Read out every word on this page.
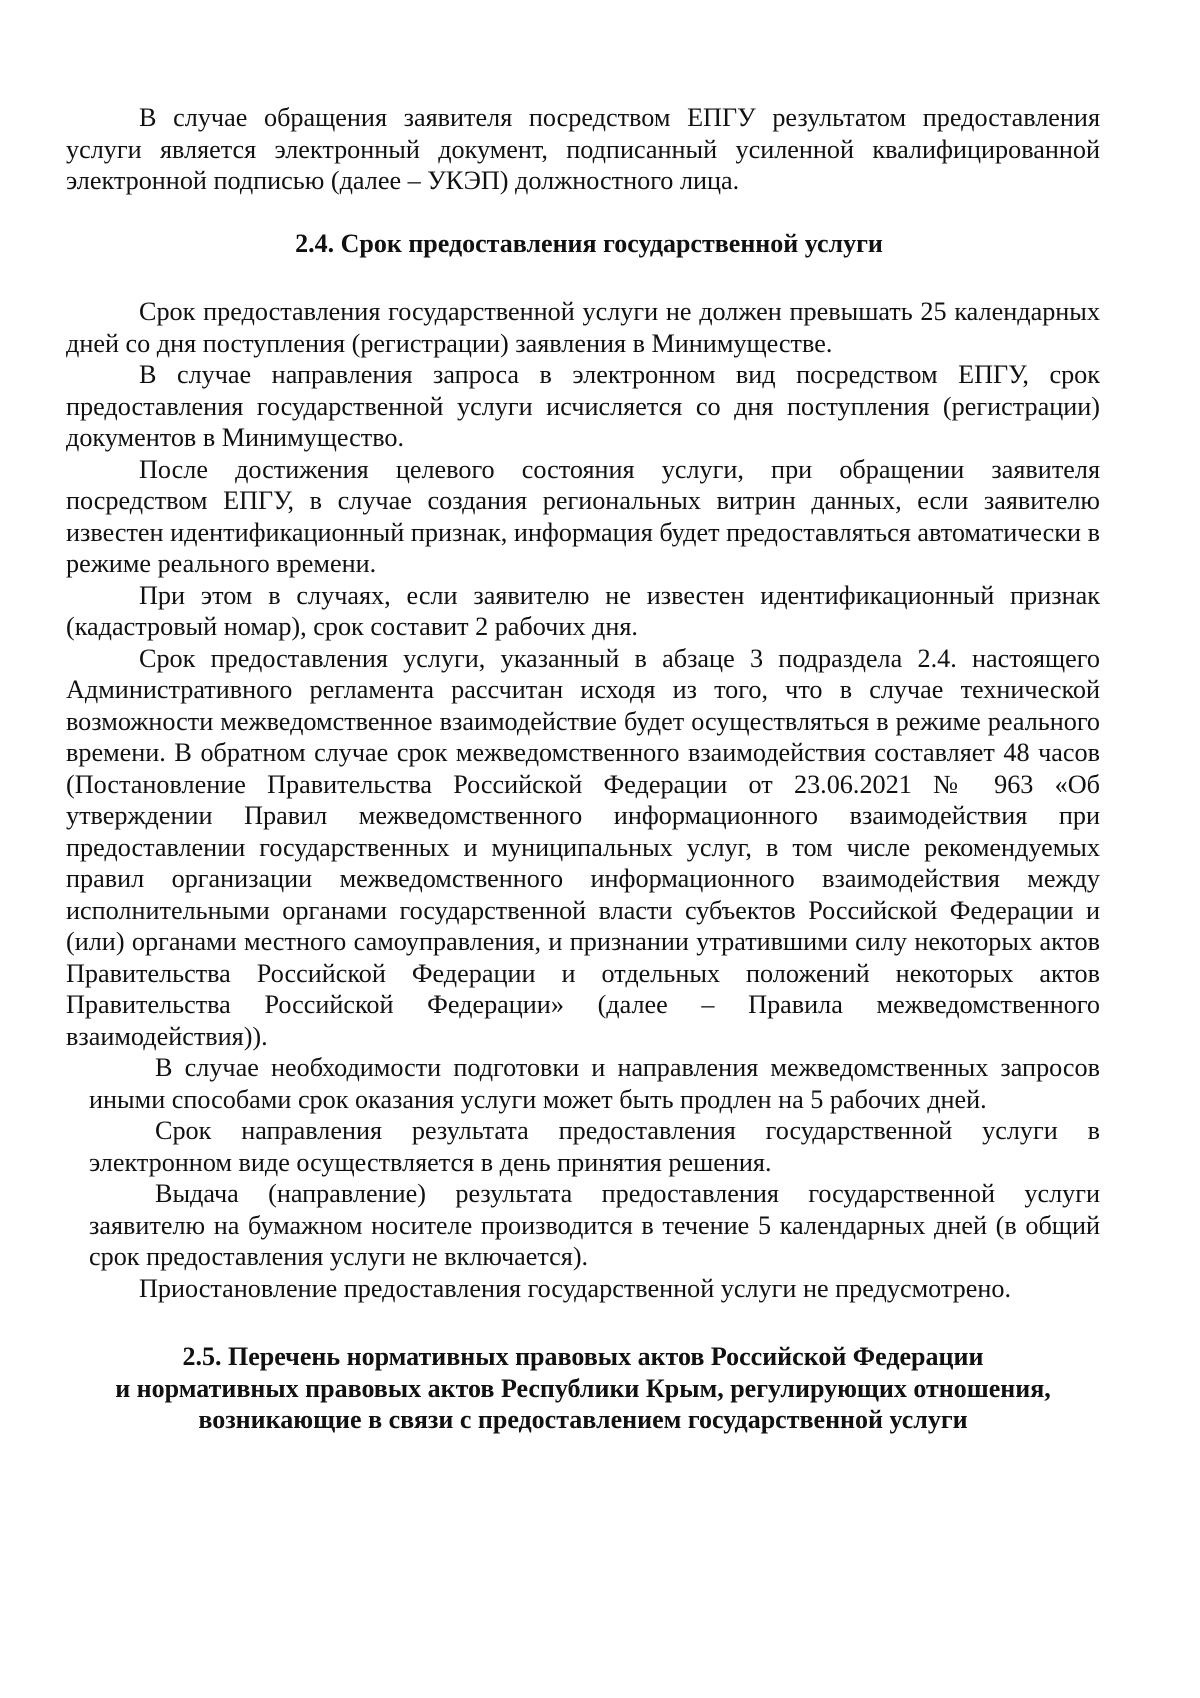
В случае обращения заявителя посредством ЕПГУ результатом предоставления услуги является электронный документ, подписанный усиленной квалифицированной электронной подписью (далее – УКЭП) должностного лица.

2.4. Срок предоставления государственной услуги

Срок предоставления государственной услуги не должен превышать 25 календарных дней со дня поступления (регистрации) заявления в Минимуществе.

В случае направления запроса в электронном вид посредством ЕПГУ, срок предоставления государственной услуги исчисляется со дня поступления (регистрации) документов в Минимущество.

После достижения целевого состояния услуги, при обращении заявителя посредством ЕПГУ, в случае создания региональных витрин данных, если заявителю известен идентификационный признак, информация будет предоставляться автоматически в режиме реального времени.

При этом в случаях, если заявителю не известен идентификационный признак (кадастровый номар), срок составит 2 рабочих дня.

Срок предоставления услуги, указанный в абзаце 3 подраздела 2.4. настоящего Административного регламента рассчитан исходя из того, что в случае технической возможности межведомственное взаимодействие будет осуществляться в режиме реального времени. В обратном случае срок межведомственного взаимодействия составляет 48 часов (Постановление Правительства Российской Федерации от 23.06.2021 № 963 «Об утверждении Правил межведомственного информационного взаимодействия при предоставлении государственных и муниципальных услуг, в том числе рекомендуемых правил организации межведомственного информационного взаимодействия между исполнительными органами государственной власти субъектов Российской Федерации и (или) органами местного самоуправления, и признании утратившими силу некоторых актов Правительства Российской Федерации и отдельных положений некоторых актов Правительства Российской Федерации» (далее – Правила межведомственного взаимодействия)).

В случае необходимости подготовки и направления межведомственных запросов иными способами срок оказания услуги может быть продлен на 5 рабочих дней.

Срок направления результата предоставления государственной услуги в электронном виде осуществляется в день принятия решения.

Выдача (направление) результата предоставления государственной услуги заявителю на бумажном носителе производится в течение 5 календарных дней (в общий срок предоставления услуги не включается).

Приостановление предоставления государственной услуги не предусмотрено.

2.5. Перечень нормативных правовых актов Российской Федерации
и нормативных правовых актов Республики Крым, регулирующих отношения,
возникающие в связи с предоставлением государственной услуги
